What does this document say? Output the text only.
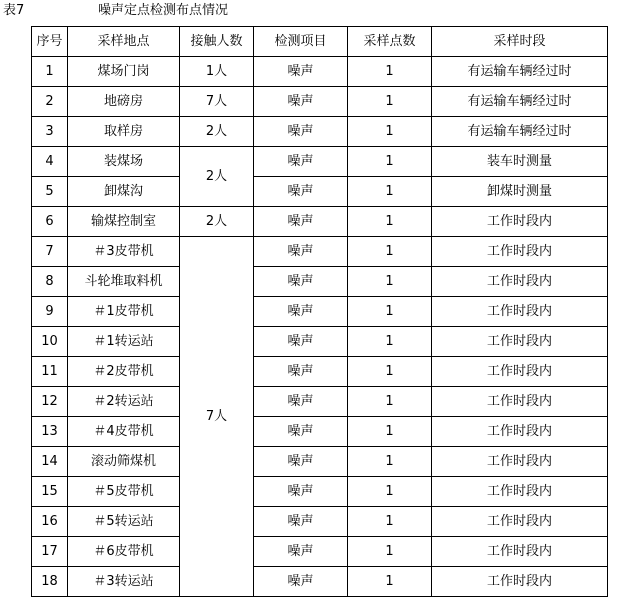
表7	噪声定点检测布点情况
序号	采样地点	接触人数	检测项目	采样点数	采样时段
1	煤场门岗	1人	噪声	1	有运输车辆经过时
2	地磅房	7人	噪声	1	有运输车辆经过时
3	取样房	2人	噪声	1	有运输车辆经过时
4	装煤场	2人	噪声	1	装车时测量
5	卸煤沟		噪声	1	卸煤时测量
6	输煤控制室	2人	噪声	1	工作时段内
7	＃3皮带机	7人	噪声	1	工作时段内
8	斗轮堆取料机		噪声	1	工作时段内
9	＃1皮带机		噪声	1	工作时段内
10	＃1转运站		噪声	1	工作时段内
11	＃2皮带机		噪声	1	工作时段内
12	＃2转运站		噪声	1	工作时段内
13	＃4皮带机		噪声	1	工作时段内
14	滚动筛煤机		噪声	1	工作时段内
15	＃5皮带机		噪声	1	工作时段内
16	＃5转运站		噪声	1	工作时段内
17	＃6皮带机		噪声	1	工作时段内
18	＃3转运站		噪声	1	工作时段内
